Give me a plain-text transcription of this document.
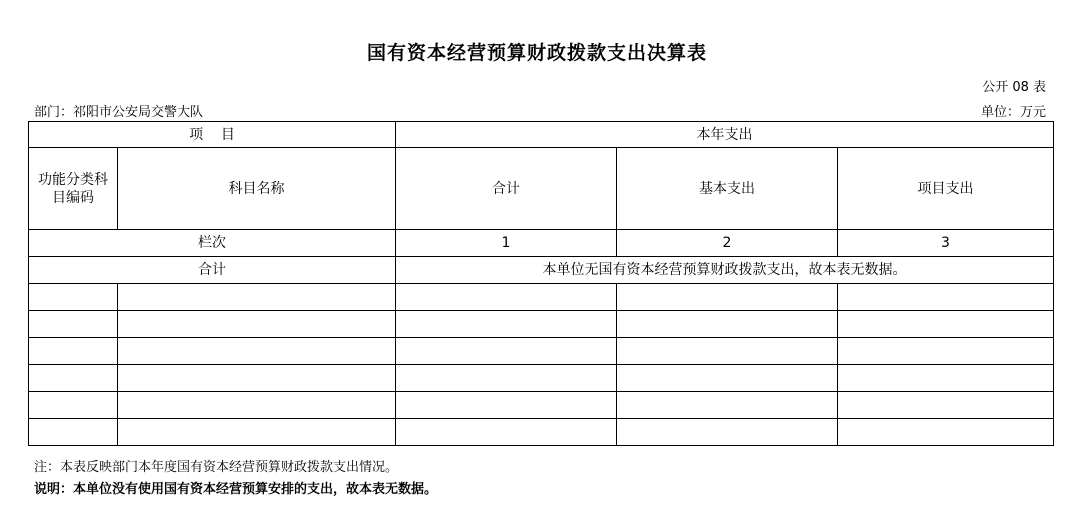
国有资本经营预算财政拨款支出决算表
公开 08 表
部门：祁阳市公安局交警大队	单位：万元
项    目		本年支出		
功能分类科目编码	科目名称	合计	基本支出	项目支出
栏次		1	2	3
合计		本单位无国有资本经营预算财政拨款支出，故本表无数据。		

注：本表反映部门本年度国有资本经营预算财政拨款支出情况。
说明：本单位没有使用国有资本经营预算安排的支出，故本表无数据。
